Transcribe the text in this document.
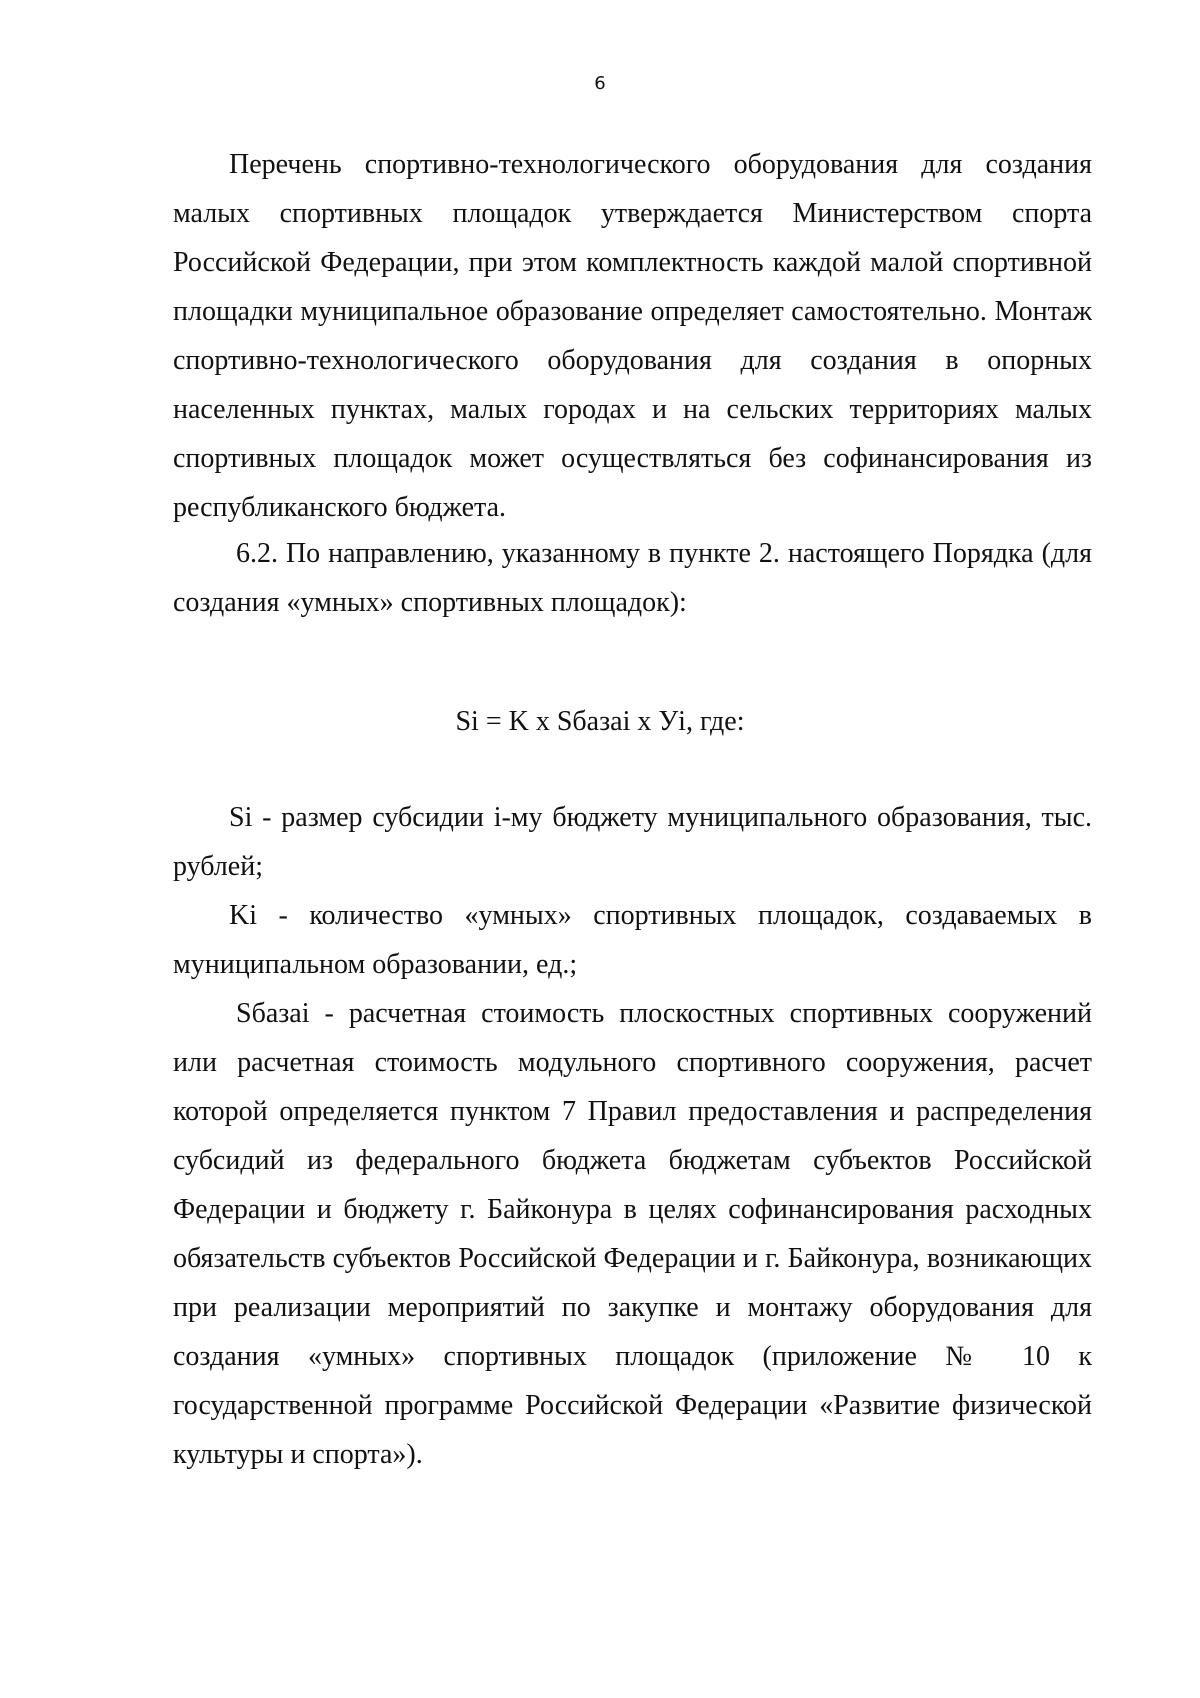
6

Перечень спортивно-технологического оборудования для создания малых спортивных площадок утверждается Министерством спорта Российской Федерации, при этом комплектность каждой малой спортивной площадки муниципальное образование определяет самостоятельно. Монтаж спортивно-технологического оборудования для создания в опорных населенных пунктах, малых городах и на сельских территориях малых спортивных площадок может осуществляться без софинансирования из республиканского бюджета.

6.2. По направлению, указанному в пункте 2. настоящего Порядка (для создания «умных» спортивных площадок):

Si = K x Sбазаi x Уi, где:

Si - размер субсидии i-му бюджету муниципального образования, тыс. рублей;

Ki - количество «умных» спортивных площадок, создаваемых в муниципальном образовании, ед.;

Sбазаi - расчетная стоимость плоскостных спортивных сооружений или расчетная стоимость модульного спортивного сооружения, расчет которой определяется пунктом 7 Правил предоставления и распределения субсидий из федерального бюджета бюджетам субъектов Российской Федерации и бюджету г. Байконура в целях софинансирования расходных обязательств субъектов Российской Федерации и г. Байконура, возникающих при реализации мероприятий по закупке и монтажу оборудования для создания «умных» спортивных площадок (приложение № 10 к государственной программе Российской Федерации «Развитие физической культуры и спорта»).
